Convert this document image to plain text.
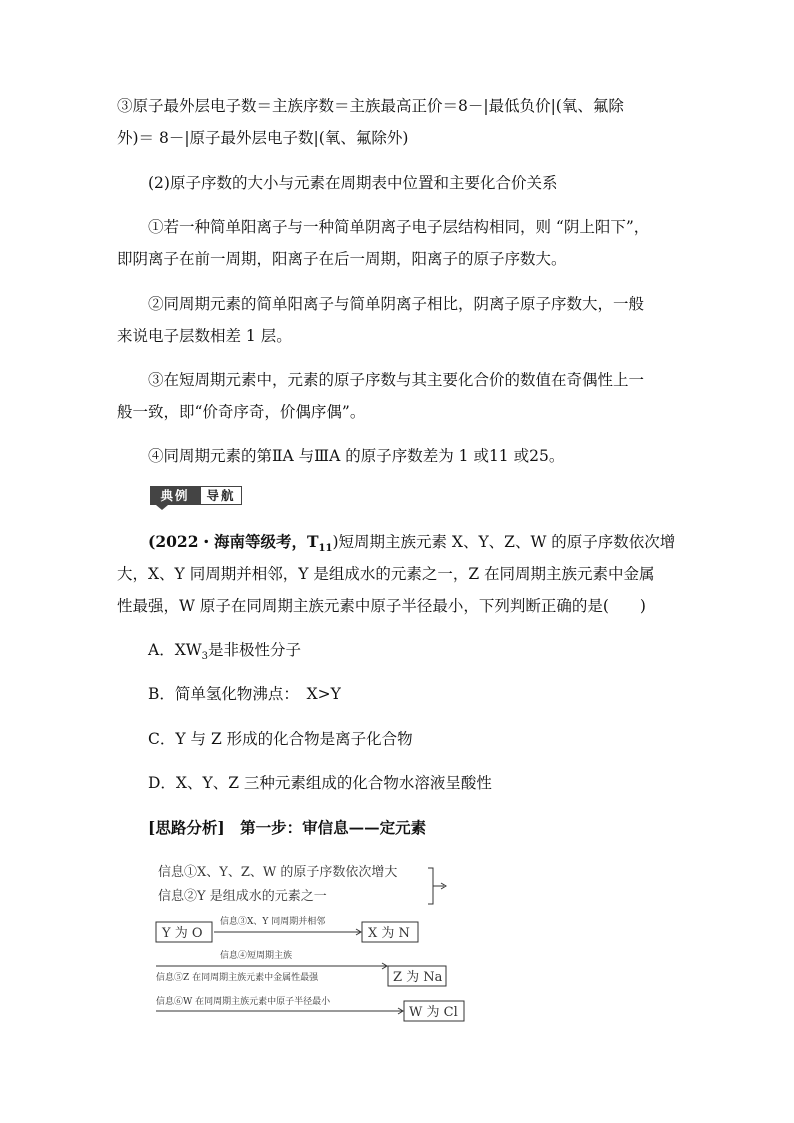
③原子最外层电子数＝主族序数＝主族最高正价＝8－|最低负价|(氧、氟除
外)＝ 8－|原子最外层电子数|(氧、氟除外)
(2)原子序数的大小与元素在周期表中位置和主要化合价关系
①若一种简单阳离子与一种简单阴离子电子层结构相同，则 “阴上阳下”，
即阴离子在前一周期，阳离子在后一周期，阳离子的原子序数大。
②同周期元素的简单阳离子与简单阴离子相比，阴离子原子序数大，一般
来说电子层数相差 1 层。
③在短周期元素中，元素的原子序数与其主要化合价的数值在奇偶性上一
般一致，即“价奇序奇，价偶序偶”。
④同周期元素的第ⅡA 与ⅢA 的原子序数差为 1 或11 或25。
典例	导航
(2022・海南等级考，$T_{11}$)短周期主族元素 X、Y、Z、W 的原子序数依次增
大，X、Y 同周期并相邻，Y 是组成水的元素之一，Z 在同周期主族元素中金属
性最强，W 原子在同周期主族元素中原子半径最小，下列判断正确的是(　　)
A．$XW_3$是非极性分子
B．简单氢化物沸点：　X>Y
C．Y 与 Z 形成的化合物是离子化合物
D．X、Y、Z 三种元素组成的化合物水溶液呈酸性
[思路分析]　第一步：审信息——定元素
信息①X、Y、Z、W 的原子序数依次增大
信息②Y 是组成水的元素之一
Y 为 O
信息③X、Y 同周期并相邻
X 为 N
信息④短周期主族
信息⑤Z 在同周期主族元素中金属性最强	Z 为 Na
信息⑥W 在同周期主族元素中原子半径最小
W 为 Cl
